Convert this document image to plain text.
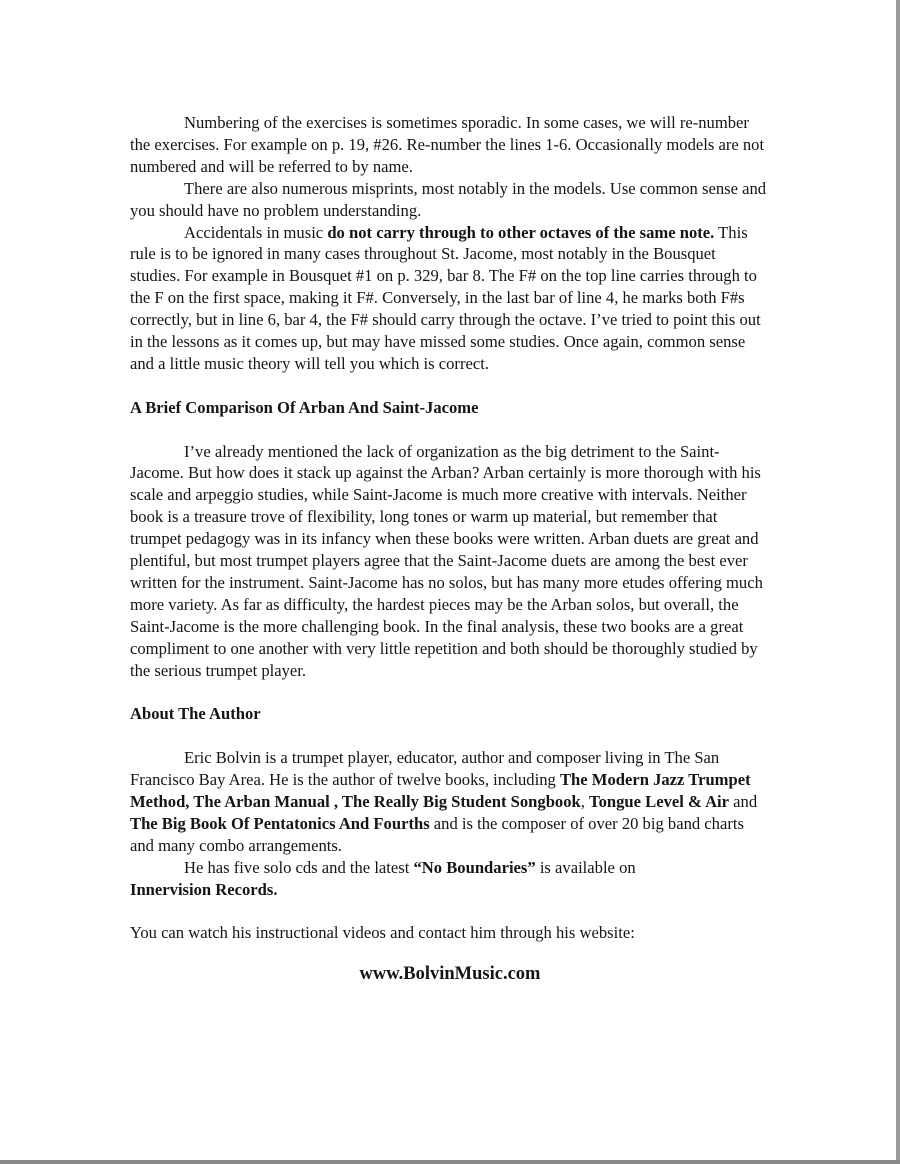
Numbering of the exercises is sometimes sporadic. In some cases, we will re-number the exercises. For example on p. 19, #26. Re-number the lines 1-6. Occasionally models are not numbered and will be referred to by name.

There are also numerous misprints, most notably in the models. Use common sense and you should have no problem understanding.

Accidentals in music do not carry through to other octaves of the same note. This rule is to be ignored in many cases throughout St. Jacome, most notably in the Bousquet studies. For example in Bousquet #1 on p. 329, bar 8. The F# on the top line carries through to the F on the first space, making it F#. Conversely, in the last bar of line 4, he marks both F#s correctly, but in line 6, bar 4, the F# should carry through the octave. I’ve tried to point this out in the lessons as it comes up, but may have missed some studies. Once again, common sense and a little music theory will tell you which is correct.

A Brief Comparison Of Arban And Saint-Jacome

I’ve already mentioned the lack of organization as the big detriment to the Saint-Jacome. But how does it stack up against the Arban? Arban certainly is more thorough with his scale and arpeggio studies, while Saint-Jacome is much more creative with intervals. Neither book is a treasure trove of flexibility, long tones or warm up material, but remember that trumpet pedagogy was in its infancy when these books were written. Arban duets are great and plentiful, but most trumpet players agree that the Saint-Jacome duets are among the best ever written for the instrument. Saint-Jacome has no solos, but has many more etudes offering much more variety. As far as difficulty, the hardest pieces may be the Arban solos, but overall, the Saint-Jacome is the more challenging book. In the final analysis, these two books are a great compliment to one another with very little repetition and both should be thoroughly studied by the serious trumpet player.

About The Author

Eric Bolvin is a trumpet player, educator, author and composer living in The San Francisco Bay Area. He is the author of twelve books, including The Modern Jazz Trumpet Method, The Arban Manual , The Really Big Student Songbook, Tongue Level & Air and The Big Book Of Pentatonics And Fourths and is the composer of over 20 big band charts and many combo arrangements.

He has five solo cds and the latest “No Boundaries” is available on
Innervision Records.

You can watch his instructional videos and contact him through his website:

www.BolvinMusic.com
